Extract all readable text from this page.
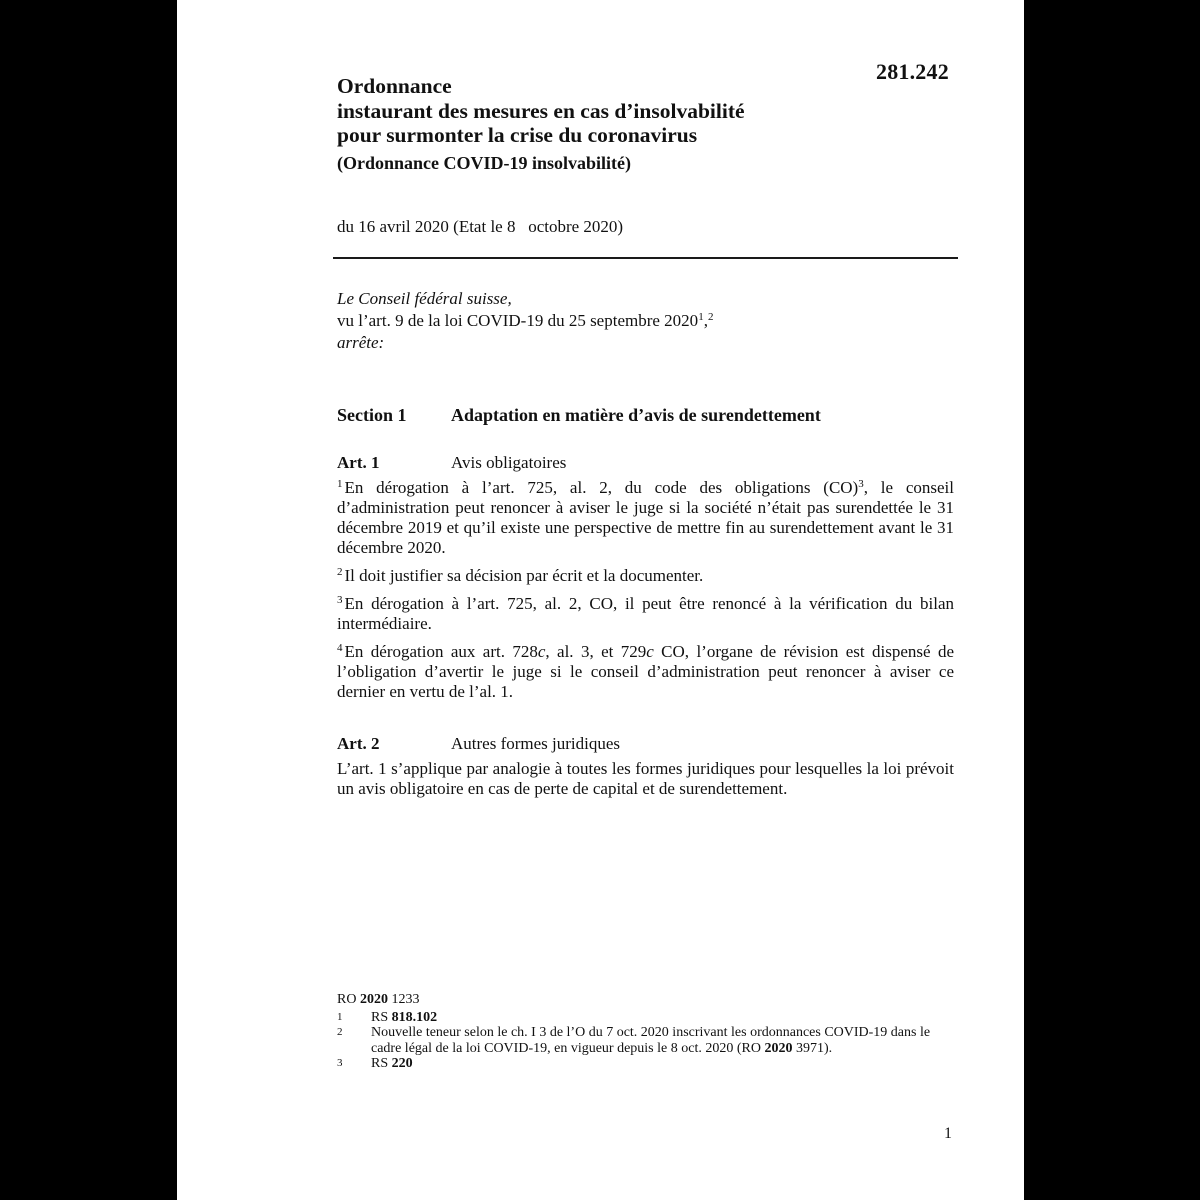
281.242
Ordonnance
instaurant des mesures en cas d’insolvabilité
pour surmonter la crise du coronavirus
(Ordonnance COVID-19 insolvabilité)
du 16 avril 2020 (Etat le 8   octobre 2020)
Le Conseil fédéral suisse,
vu l’art. 9 de la loi COVID-19 du 25 septembre 2020$^1$,$^2$
arrête:
Section 1 Adaptation en matière d’avis de surendettement
Art. 1	Avis obligatoires

$^1$ En dérogation à l’art. 725, al. 2, du code des obligations (CO)$^3$, le conseil d’administration peut renoncer à aviser le juge si la société n’était pas surendettée le 31 décembre 2019 et qu’il existe une perspective de mettre fin au surendettement avant le 31 décembre 2020.

$^2$ Il doit justifier sa décision par écrit et la documenter.

$^3$ En dérogation à l’art. 725, al. 2, CO, il peut être renoncé à la vérification du bilan intermédiaire.

$^4$ En dérogation aux art. 728c, al. 3, et 729c CO, l’organe de révision est dispensé de l’obligation d’avertir le juge si le conseil d’administration peut renoncer à aviser ce dernier en vertu de l’al. 1.

Art. 2	Autres formes juridiques

L’art. 1 s’applique par analogie à toutes les formes juridiques pour lesquelles la loi prévoit un avis obligatoire en cas de perte de capital et de surendettement.

RO 2020 1233
1	RS 818.102
2	Nouvelle teneur selon le ch. I 3 de l’O du 7 oct. 2020 inscrivant les ordonnances COVID-19 dans le cadre légal de la loi COVID-19, en vigueur depuis le 8 oct. 2020 (RO 2020 3971).
3	RS 220
1
